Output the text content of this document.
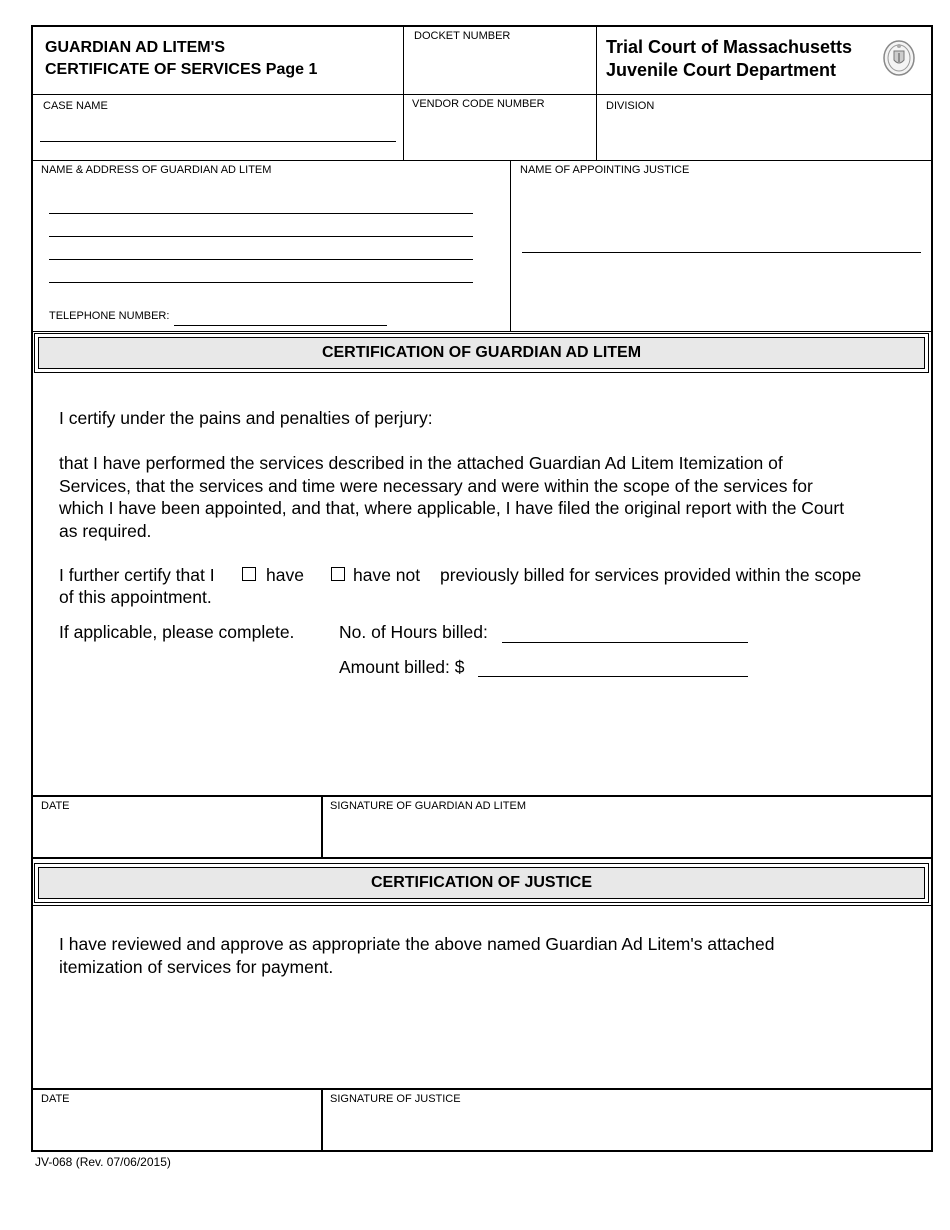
GUARDIAN AD LITEM'S
CERTIFICATE OF SERVICES Page 1
DOCKET NUMBER
Trial Court of Massachusetts
Juvenile Court Department
CASE NAME	VENDOR CODE NUMBER	DIVISION
NAME & ADDRESS OF GUARDIAN AD LITEM
TELEPHONE NUMBER:
NAME OF APPOINTING JUSTICE
CERTIFICATION OF GUARDIAN AD LITEM
I certify under the pains and penalties of perjury:
that I have performed the services described in the attached Guardian Ad Litem Itemization of
Services, that the services and time were necessary and were within the scope of the services for
which I have been appointed, and that, where applicable, I have filed the original report with the Court
as required.
I further certify that I	have	have not previously billed for services provided within the scope
of this appointment.
If applicable, please complete.	No. of Hours billed:
Amount billed: $
DATE	SIGNATURE OF GUARDIAN AD LITEM
CERTIFICATION OF JUSTICE
I have reviewed and approve as appropriate the above named Guardian Ad Litem's attached
itemization of services for payment.
DATE	SIGNATURE OF JUSTICE
JV-068 (Rev. 07/06/2015)
